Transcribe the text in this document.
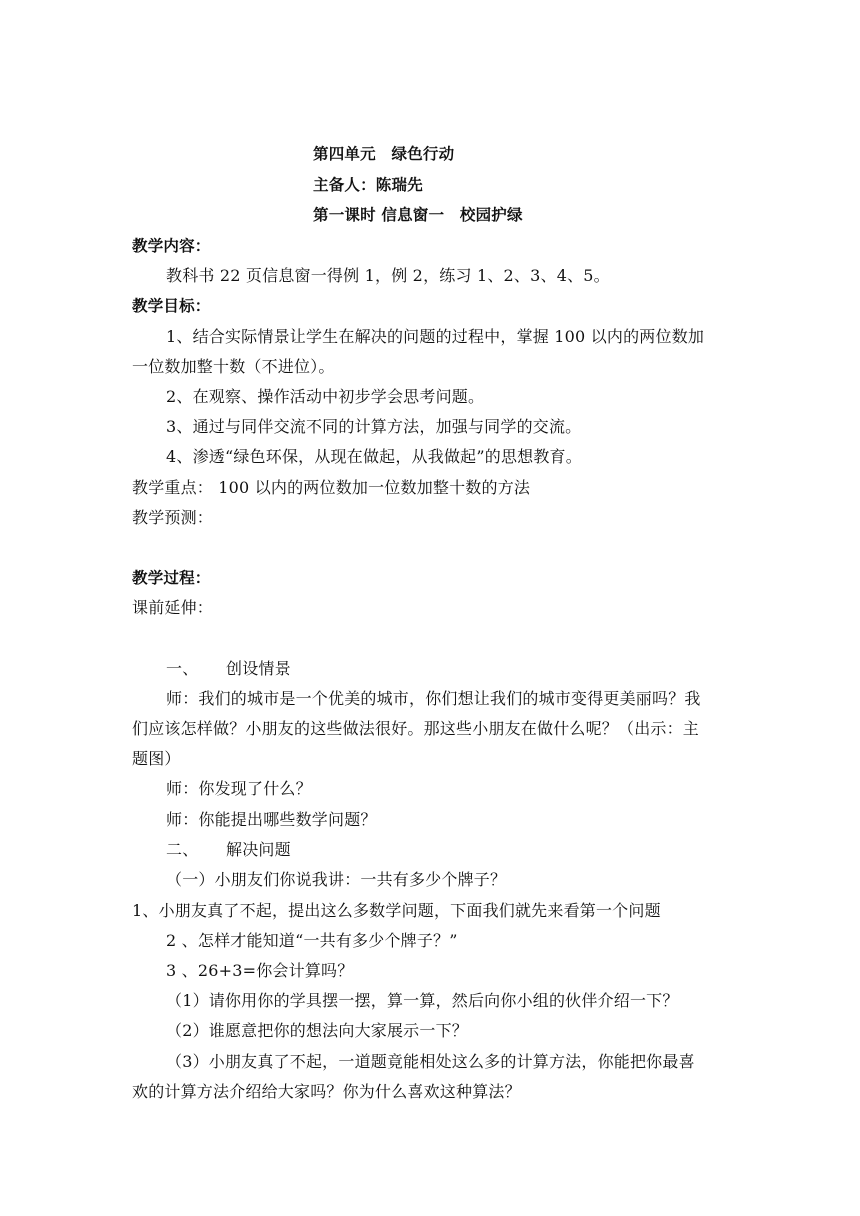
第四单元　绿色行动
主备人：陈瑞先
第一课时 信息窗一　校园护绿
教学内容：
教科书 22 页信息窗一得例 1，例 2，练习 1、2、3、4、5。
教学目标：
1、结合实际情景让学生在解决的问题的过程中，掌握 100 以内的两位数加
一位数加整十数（不进位）。
2、在观察、操作活动中初步学会思考问题。
3、通过与同伴交流不同的计算方法，加强与同学的交流。
4、渗透“绿色环保，从现在做起，从我做起”的思想教育。
教学重点： 100 以内的两位数加一位数加整十数的方法
教学预测：
教学过程：
课前延伸：
一、 创设情景
师：我们的城市是一个优美的城市，你们想让我们的城市变得更美丽吗？我
们应该怎样做？小朋友的这些做法很好。那这些小朋友在做什么呢？（出示：主
题图）
师：你发现了什么？
师：你能提出哪些数学问题？
二、 解决问题
（一）小朋友们你说我讲：一共有多少个牌子？
1、小朋友真了不起，提出这么多数学问题，下面我们就先来看第一个问题
2 、怎样才能知道“一共有多少个牌子？”
3 、26+3=你会计算吗？
（1）请你用你的学具摆一摆，算一算，然后向你小组的伙伴介绍一下？
（2）谁愿意把你的想法向大家展示一下？
（3）小朋友真了不起，一道题竟能相处这么多的计算方法，你能把你最喜
欢的计算方法介绍给大家吗？你为什么喜欢这种算法？
